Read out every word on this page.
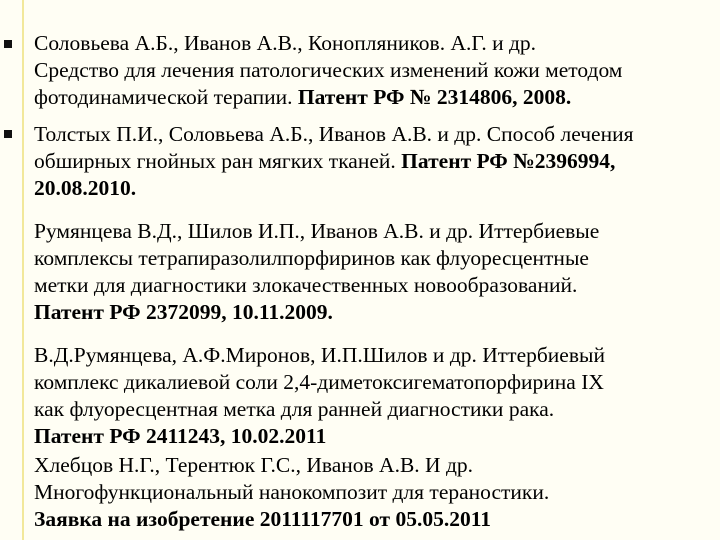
Соловьева А.Б., Иванов А.В., Конопляников. А.Г. и др.
Средство для лечения патологических изменений кожи методом
фотодинамической терапии. Патент РФ № 2314806, 2008.
Толстых П.И., Соловьева А.Б., Иванов А.В. и др. Способ лечения
обширных гнойных ран мягких тканей. Патент РФ №2396994,
20.08.2010.
Румянцева В.Д., Шилов И.П., Иванов А.В. и др. Иттербиевые
комплексы тетрапиразолилпорфиринов как флуоресцентные
метки для диагностики злокачественных новообразований.
Патент РФ 2372099, 10.11.2009.
В.Д.Румянцева, А.Ф.Миронов, И.П.Шилов и др. Иттербиевый
комплекс дикалиевой соли 2,4-диметоксигематопорфирина IX
как флуоресцентная метка для ранней диагностики рака.
Патент РФ 2411243, 10.02.2011
Хлебцов Н.Г., Терентюк Г.С., Иванов А.В. И др.
Многофункциональный нанокомпозит для тераностики.
Заявка на изобретение 2011117701 от 05.05.2011
